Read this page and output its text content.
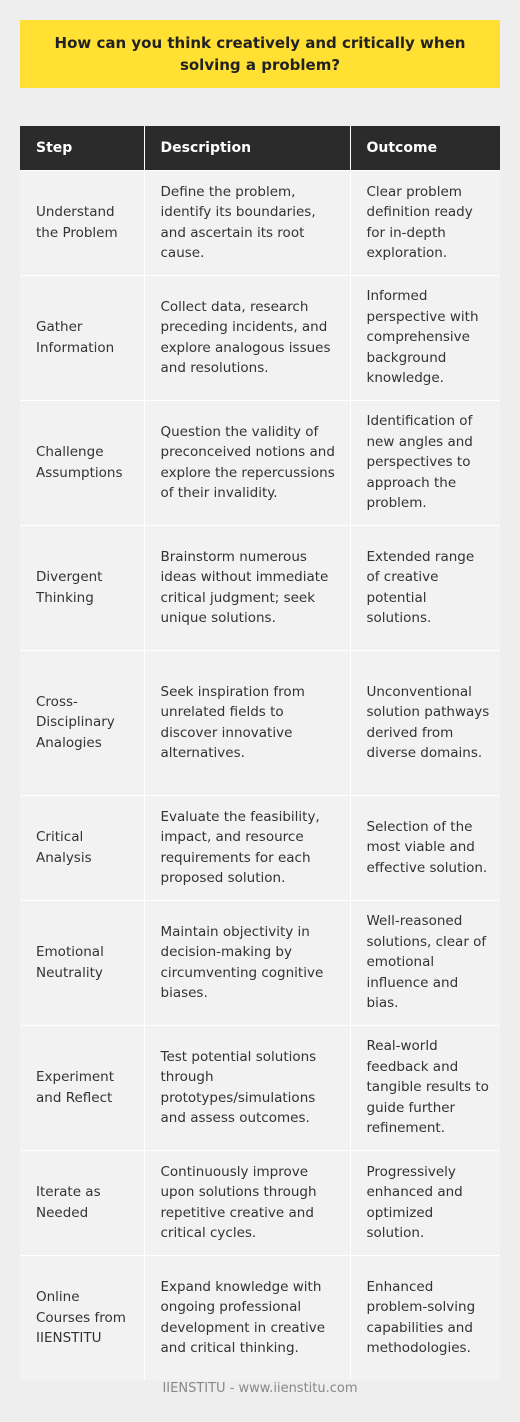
How can you think creatively and critically when solving a problem?
Step	Description	Outcome
Understand the Problem	Define the problem, identify its boundaries, and ascertain its root cause.	Clear problem definition ready for in-depth exploration.
Gather Information	Collect data, research preceding incidents, and explore analogous issues and resolutions.	Informed perspective with comprehensive background knowledge.
Challenge Assumptions	Question the validity of preconceived notions and explore the repercussions of their invalidity.	Identification of new angles and perspectives to approach the problem.
Divergent Thinking	Brainstorm numerous ideas without immediate critical judgment; seek unique solutions.	Extended range of creative potential solutions.
Cross-Disciplinary Analogies	Seek inspiration from unrelated fields to discover innovative alternatives.	Unconventional solution pathways derived from diverse domains.
Critical Analysis	Evaluate the feasibility, impact, and resource requirements for each proposed solution.	Selection of the most viable and effective solution.
Emotional Neutrality	Maintain objectivity in decision-making by circumventing cognitive biases.	Well-reasoned solutions, clear of emotional influence and bias.
Experiment and Reflect	Test potential solutions through prototypes/simulations and assess outcomes.	Real-world feedback and tangible results to guide further refinement.
Iterate as Needed	Continuously improve upon solutions through repetitive creative and critical cycles.	Progressively enhanced and optimized solution.
Online Courses from IIENSTITU	Expand knowledge with ongoing professional development in creative and critical thinking.	Enhanced problem-solving capabilities and methodologies.
IIENSTITU - www.iienstitu.com
